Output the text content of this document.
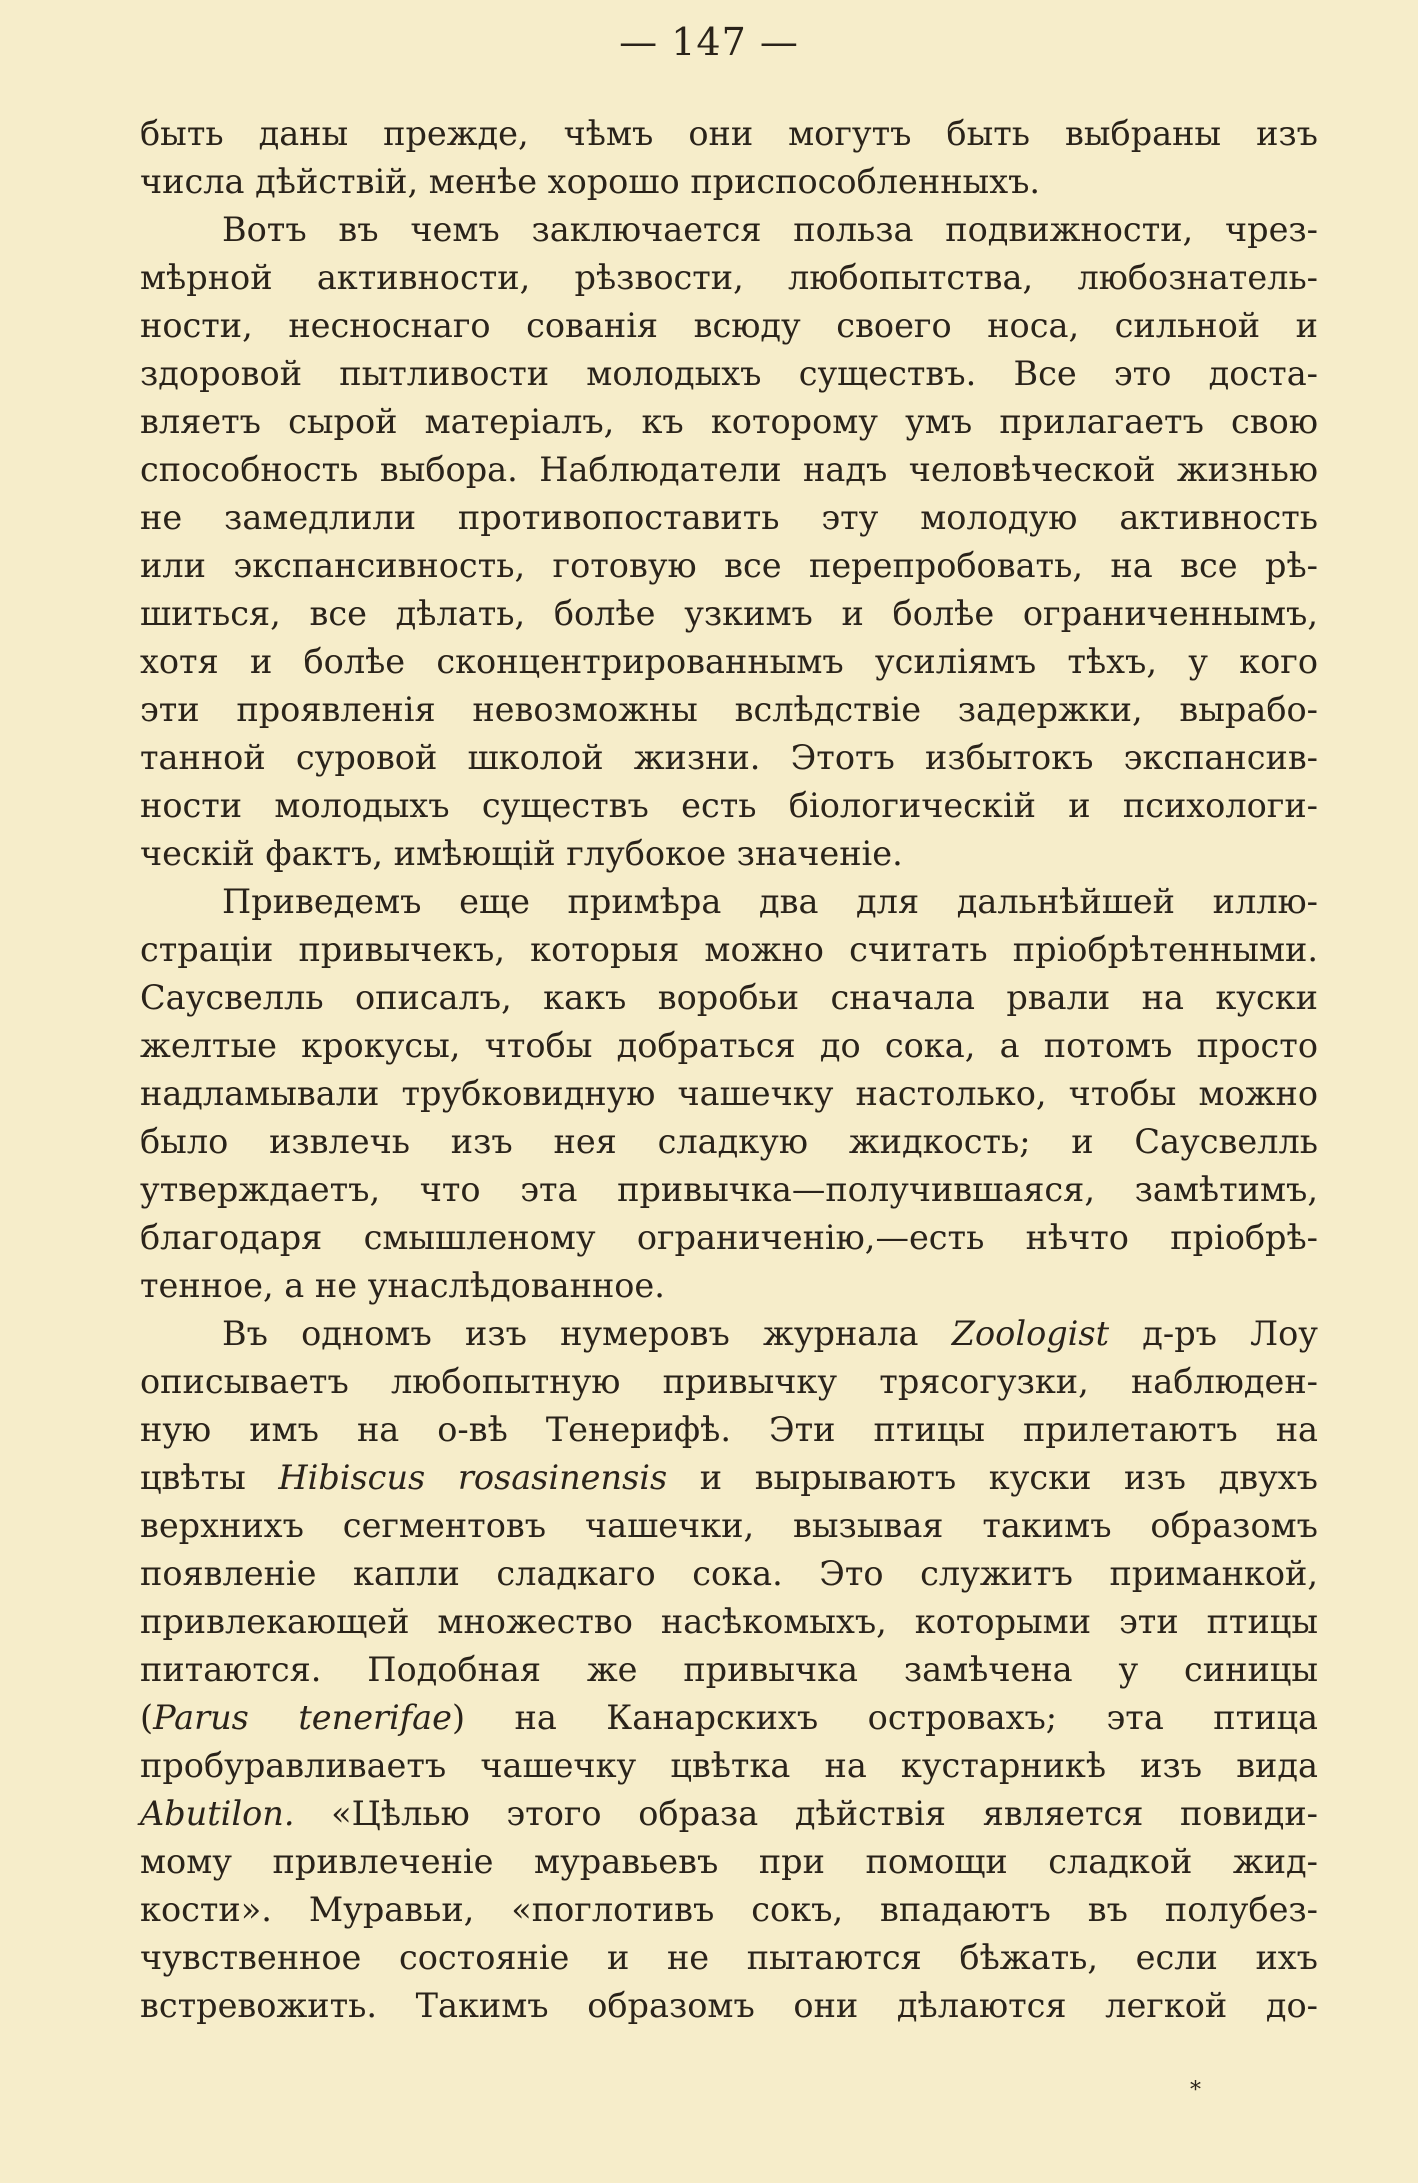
— 147 —
быть даны прежде, чѣмъ они могутъ быть выбраны изъ
числа дѣйствій, менѣе хорошо приспособленныхъ.
Вотъ въ чемъ заключается польза подвижности, чрез-
мѣрной активности, рѣзвости, любопытства, любознатель-
ности, несноснаго сованія всюду своего носа, сильной и
здоровой пытливости молодыхъ существъ. Все это доста-
вляетъ сырой матеріалъ, къ которому умъ прилагаетъ свою
способность выбора. Наблюдатели надъ человѣческой жизнью
не замедлили противопоставить эту молодую активность
или экспансивность, готовую все перепробовать, на все рѣ-
шиться, все дѣлать, болѣе узкимъ и болѣе ограниченнымъ,
хотя и болѣе сконцентрированнымъ усиліямъ тѣхъ, у кого
эти проявленія невозможны вслѣдствіе задержки, вырабо-
танной суровой школой жизни. Этотъ избытокъ экспансив-
ности молодыхъ существъ есть біологическій и психологи-
ческій фактъ, имѣющій глубокое значеніе.
Приведемъ еще примѣра два для дальнѣйшей иллю-
страціи привычекъ, которыя можно считать пріобрѣтенными.
Саусвелль описалъ, какъ воробьи сначала рвали на куски
желтые крокусы, чтобы добраться до сока, а потомъ просто
надламывали трубковидную чашечку настолько, чтобы можно
было извлечь изъ нея сладкую жидкость; и Саусвелль
утверждаетъ, что эта привычка—получившаяся, замѣтимъ,
благодаря смышленому ограниченію,—есть нѣчто пріобрѣ-
тенное, а не унаслѣдованное.
Въ одномъ изъ нумеровъ журнала Zoologist д-ръ Лоу
описываетъ любопытную привычку трясогузки, наблюден-
ную имъ на о-вѣ Тенерифѣ. Эти птицы прилетаютъ на
цвѣты Hibiscus rosasinensis и вырываютъ куски изъ двухъ
верхнихъ сегментовъ чашечки, вызывая такимъ образомъ
появленіе капли сладкаго сока. Это служитъ приманкой,
привлекающей множество насѣкомыхъ, которыми эти птицы
питаются. Подобная же привычка замѣчена у синицы
(Parus tenerifae) на Канарскихъ островахъ; эта птица
пробуравливаетъ чашечку цвѣтка на кустарникѣ изъ вида
Abutilon. «Цѣлью этого образа дѣйствія является повиди-
мому привлеченіе муравьевъ при помощи сладкой жид-
кости». Муравьи, «поглотивъ сокъ, впадаютъ въ полубез-
чувственное состояніе и не пытаются бѣжать, если ихъ
встревожить. Такимъ образомъ они дѣлаются легкой до-
*
